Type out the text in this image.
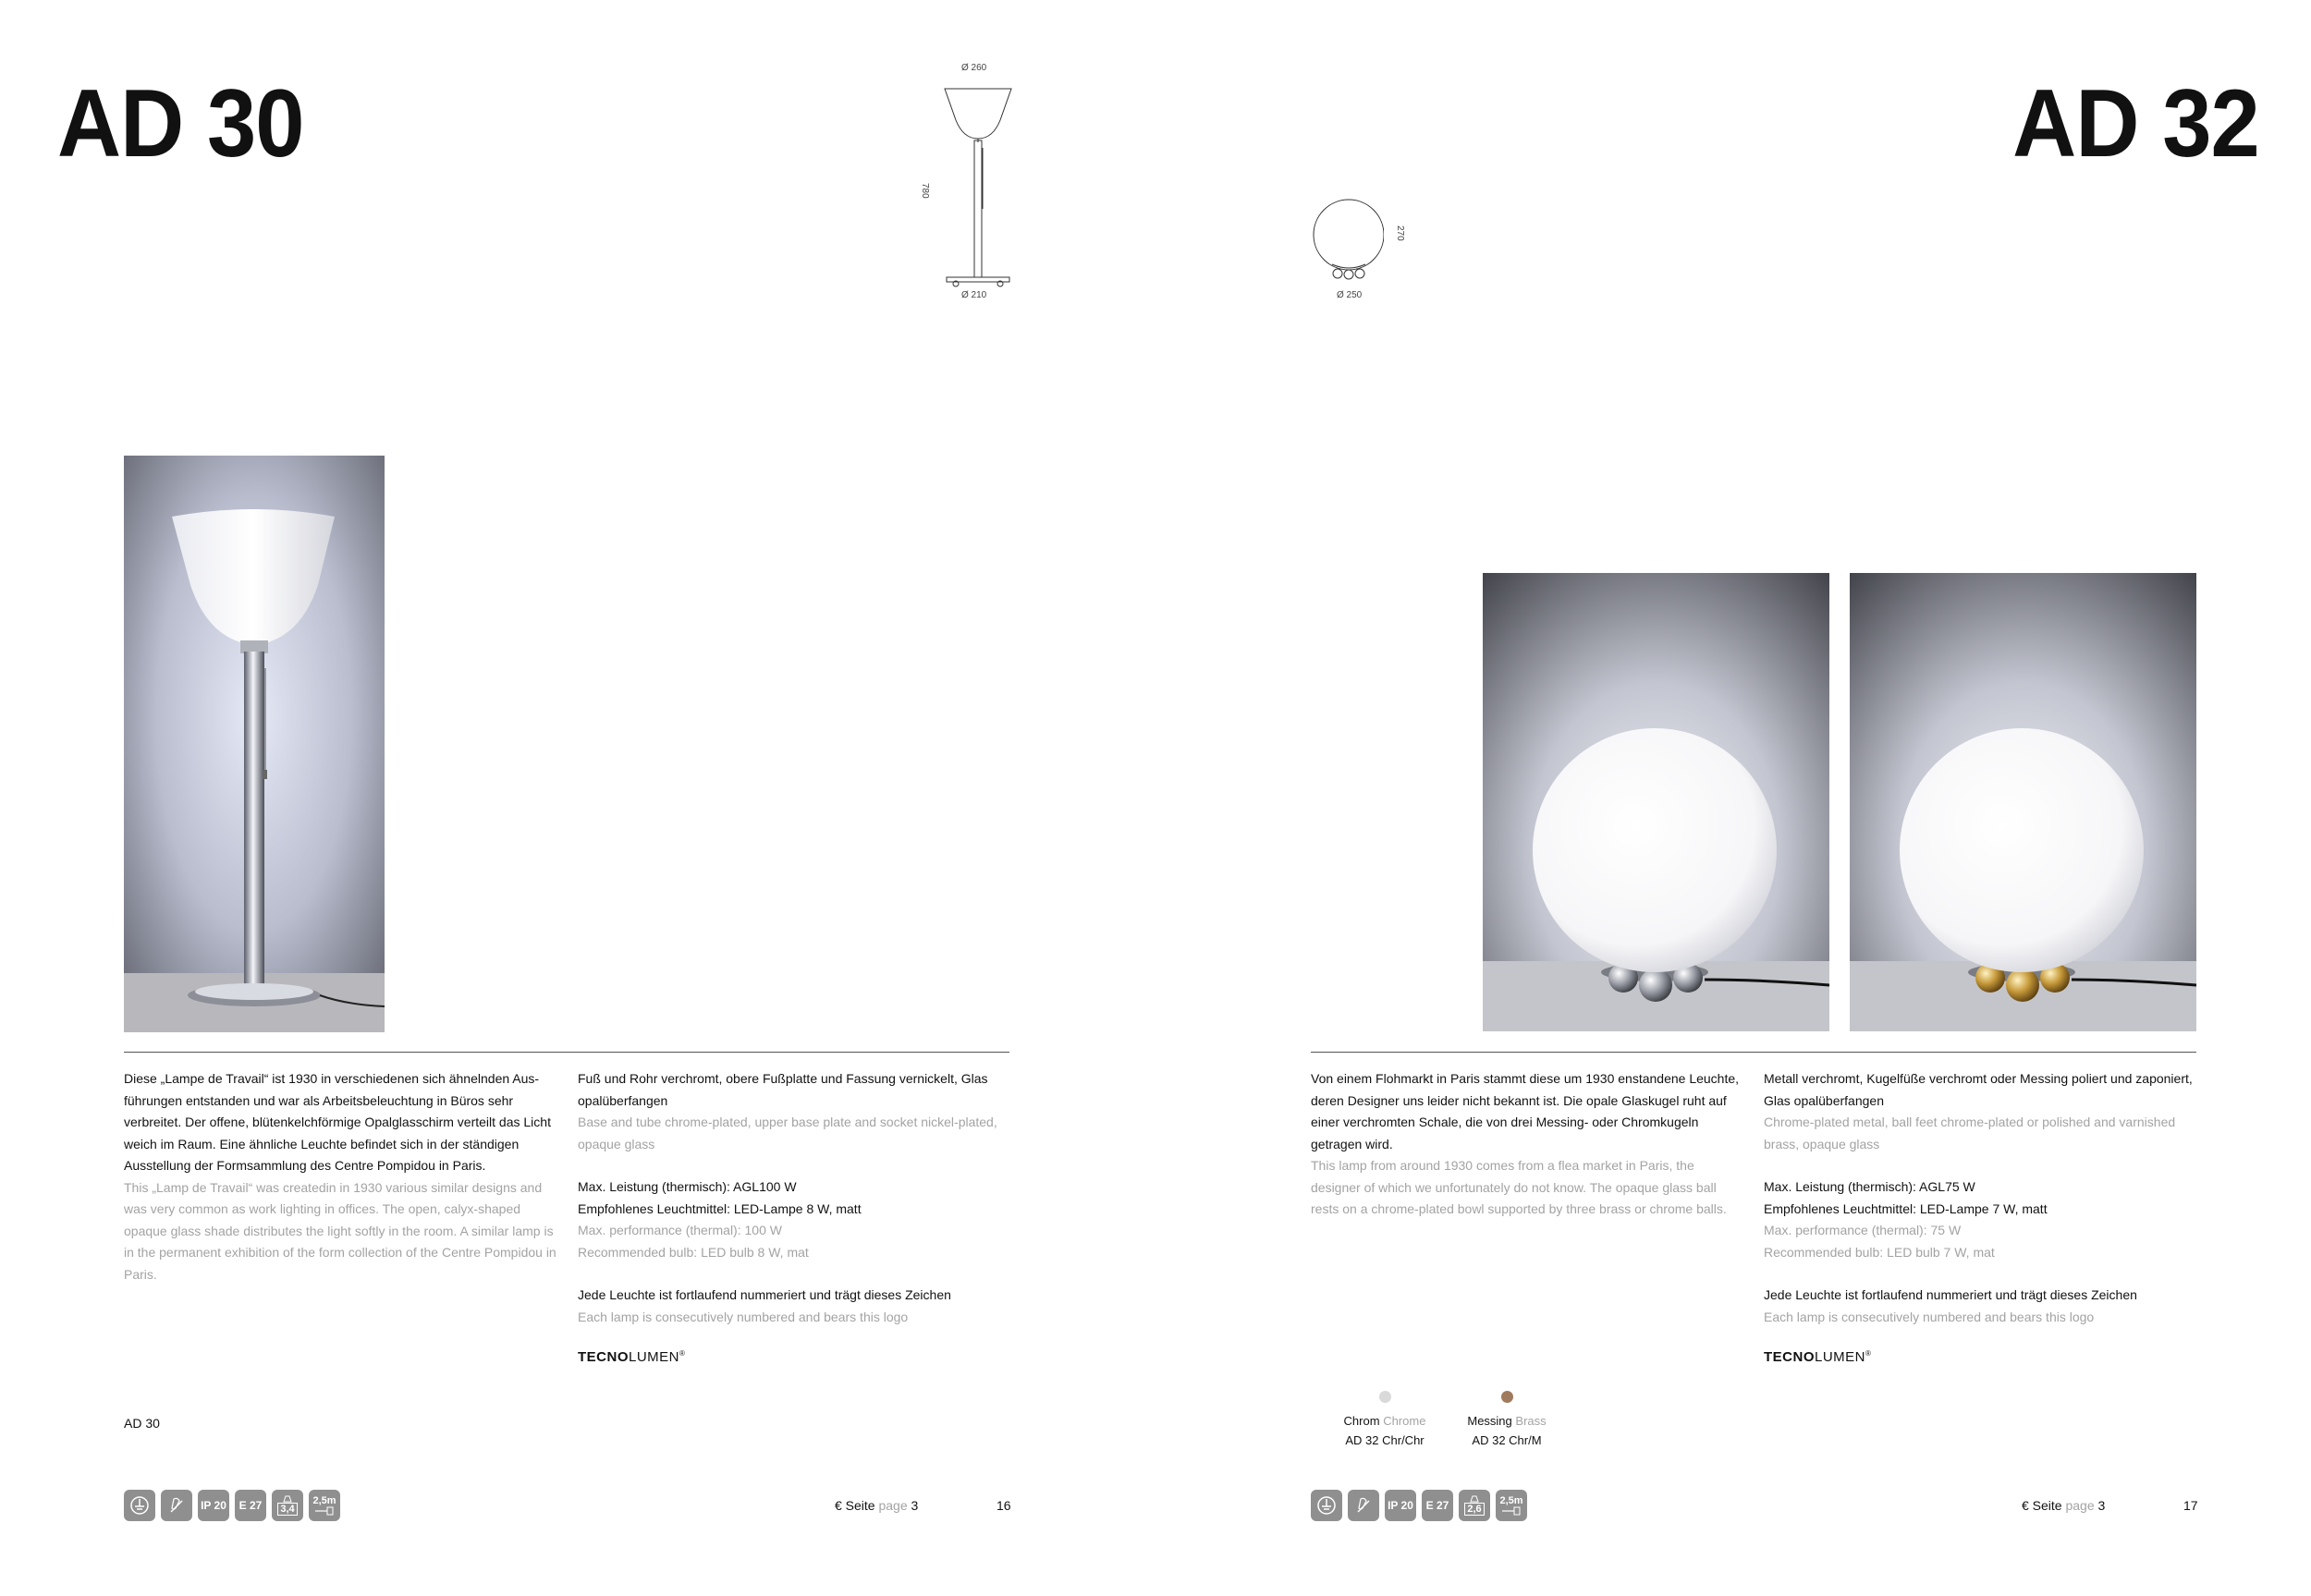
AD 30
Ø 260
780
Ø 210

Diese „Lampe de Travail“ ist 1930 in verschiedenen sich ähnelnden Aus-führungen entstanden und war als Arbeitsbeleuchtung in Büros sehr verbreitet. Der offene, blütenkelchförmige Opalglasschirm verteilt das Licht weich im Raum. Eine ähnliche Leuchte befindet sich in der ständigen Ausstellung der Formsammlung des Centre Pompidou in Paris.

This „Lamp de Travail“ was createdin in 1930 various similar designs and was very common as work lighting in offices. The open, calyx-shaped opaque glass shade distributes the light softly in the room. A similar lamp is in the permanent exhibition of the form collection of the Centre Pompidou in Paris.

Fuß und Rohr verchromt, obere Fußplatte und Fassung vernickelt, Glas opalüberfangen

Base and tube chrome-plated, upper base plate and socket nickel-plated, opaque glass

Max. Leistung (thermisch): AGL100 W

Empfohlenes Leuchtmittel: LED-Lampe 8 W, matt

Max. performance (thermal): 100 W

Recommended bulb: LED bulb 8 W, mat

Jede Leuchte ist fortlaufend nummeriert und trägt dieses Zeichen

Each lamp is consecutively numbered and bears this logo

TECNOLUMEN®
AD 30
IP 20	E 27	3,4
2,5m	€ Seite page 3	16
AD 32
270
Ø 250

Von einem Flohmarkt in Paris stammt diese um 1930 enstandene Leuchte, deren Designer uns leider nicht bekannt ist. Die opale Glaskugel ruht auf einer verchromten Schale, die von drei Messing- oder Chromkugeln getragen wird.

This lamp from around 1930 comes from a flea market in Paris, the designer of which we unfortunately do not know. The opaque glass ball rests on a chrome-plated bowl supported by three brass or chrome balls.

Metall verchromt, Kugelfüße verchromt oder Messing poliert und zaponiert, Glas opalüberfangen

Chrome-plated metal, ball feet chrome-plated or polished and varnished brass, opaque glass

Max. Leistung (thermisch): AGL75 W

Empfohlenes Leuchtmittel: LED-Lampe 7 W, matt

Max. performance (thermal): 75 W

Recommended bulb: LED bulb 7 W, mat

Jede Leuchte ist fortlaufend nummeriert und trägt dieses Zeichen

Each lamp is consecutively numbered and bears this logo

TECNOLUMEN®
Chrom Chrome
AD 32 Chr/Chr
Messing Brass
AD 32 Chr/M
IP 20	E 27	2,6
2,5m	€ Seite page 3	17
